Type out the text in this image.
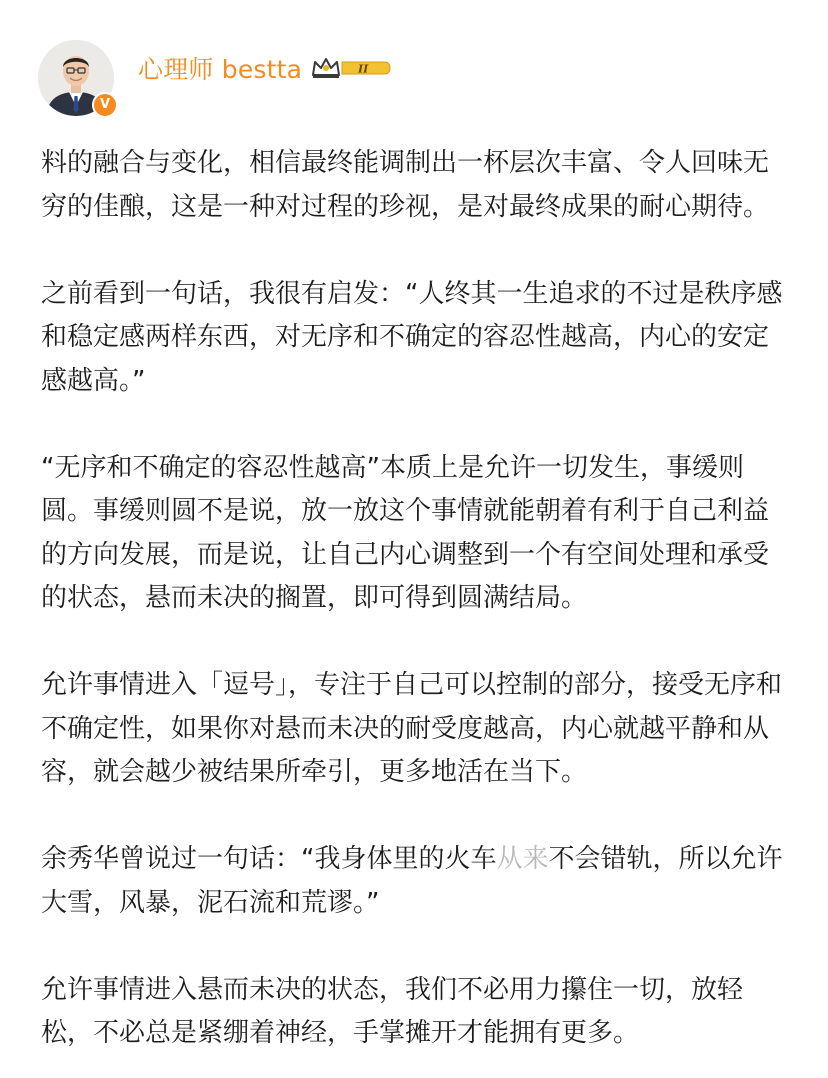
V
心理师 bestta	II

料的融合与变化，相信最终能调制出一杯层次丰富、令人回味无穷的佳酿，这是一种对过程的珍视，是对最终成果的耐心期待。

之前看到一句话，我很有启发：“人终其一生追求的不过是秩序感和稳定感两样东西，对无序和不确定的容忍性越高，内心的安定感越高。”

“无序和不确定的容忍性越高”本质上是允许一切发生，事缓则圆。事缓则圆不是说，放一放这个事情就能朝着有利于自己利益的方向发展，而是说，让自己内心调整到一个有空间处理和承受的状态，悬而未决的搁置，即可得到圆满结局。

允许事情进入「逗号」，专注于自己可以控制的部分，接受无序和不确定性，如果你对悬而未决的耐受度越高，内心就越平静和从容，就会越少被结果所牵引，更多地活在当下。

余秀华曾说过一句话：“我身体里的火车从来不会错轨，所以允许大雪，风暴，泥石流和荒谬。”

允许事情进入悬而未决的状态，我们不必用力攥住一切，放轻松，不必总是紧绷着神经，手掌摊开才能拥有更多。
